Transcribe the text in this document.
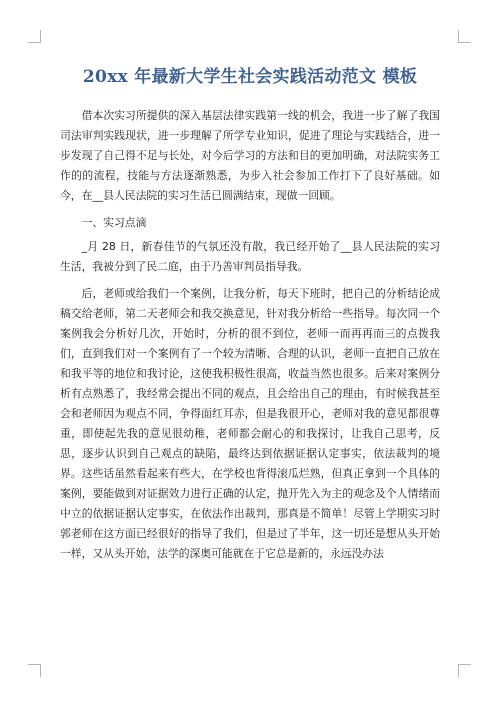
20xx 年最新大学生社会实践活动范文 模板

借本次实习所提供的深入基层法律实践第一线的机会，我进一步了解了我国司法审判实践现状，进一步理解了所学专业知识，促进了理论与实践结合，进一步发现了自己得不足与长处，对今后学习的方法和目的更加明确，对法院实务工作的的流程，技能与方法逐渐熟悉，为步入社会参加工作打下了良好基础。如今，在__县人民法院的实习生活已圆满结束，现做一回顾。

一、实习点滴

_月 28 日，新春佳节的气氛还没有散，我已经开始了__县人民法院的实习生活，我被分到了民二庭，由于乃善审判员指导我。

后，老师或给我们一个案例，让我分析，每天下班时，把自己的分析结论成稿交给老师，第二天老师会和我交换意见，针对我分析给一些指导。每次同一个案例我会分析好几次，开始时，分析的很不到位，老师一而再再而三的点拨我们，直到我们对一个案例有了一个较为清晰、合理的认识，老师一直把自己放在和我平等的地位和我讨论，这使我积极性很高，收益当然也很多。后来对案例分析有点熟悉了，我经常会提出不同的观点，且会给出自己的理由，有时候我甚至会和老师因为观点不同，争得面红耳赤，但是我很开心，老师对我的意见都很尊重，即使起先我的意见很幼稚，老师都会耐心的和我探讨，让我自己思考，反思，逐步认识到自己观点的缺陷，最终达到依据证据认定事实，依法裁判的境界。这些话虽然看起来有些大，在学校也背得滚瓜烂熟，但真正拿到一个具体的案例，要能做到对证据效力进行正确的认定，抛开先入为主的观念及个人情绪而中立的依据证据认定事实，在依法作出裁判，那真是不简单！尽管上学期实习时郭老师在这方面已经很好的指导了我们，但是过了半年，这一切还是想从头开始一样，又从头开始，法学的深奥可能就在于它总是新的，永远没办法
